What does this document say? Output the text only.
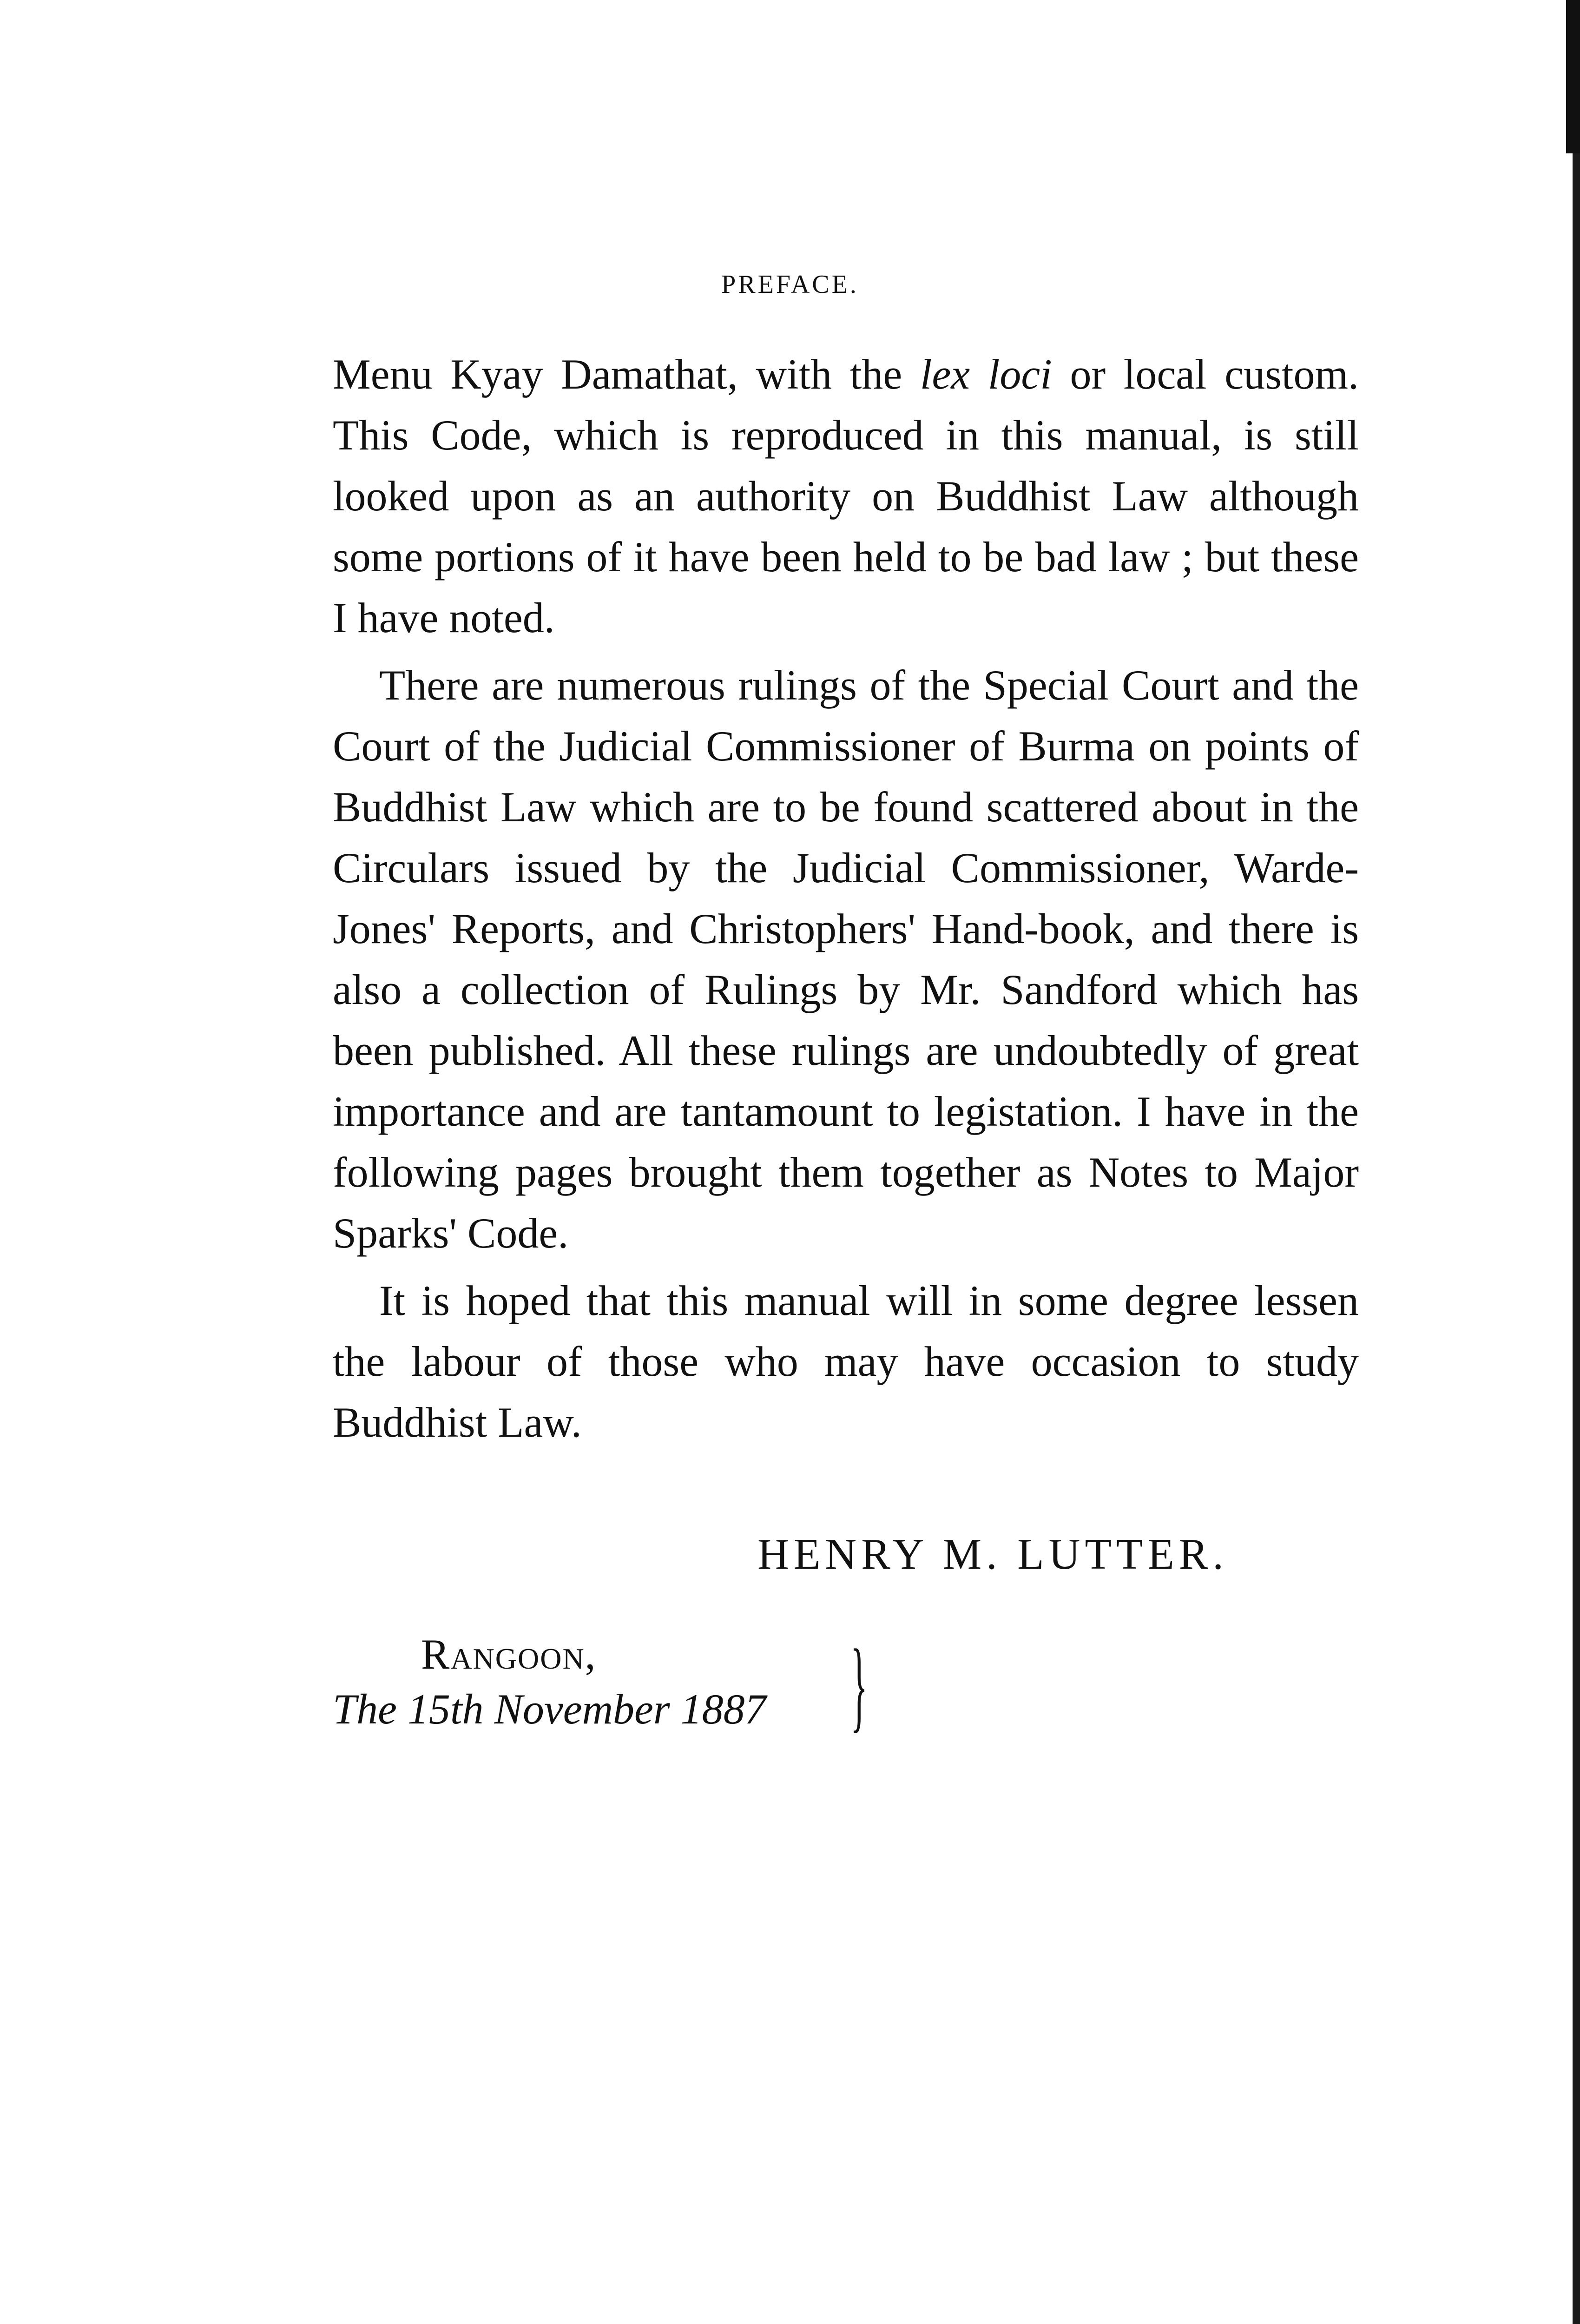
PREFACE.

Menu Kyay Damathat, with the lex loci or local custom. This Code, which is reproduced in this manual, is still looked upon as an authority on Buddhist Law although some portions of it have been held to be bad law ; but these I have noted.

There are numerous rulings of the Special Court and the Court of the Judicial Commissioner of Burma on points of Buddhist Law which are to be found scattered about in the Circulars issued by the Judicial Commissioner, Warde-Jones' Reports, and Christophers' Hand-book, and there is also a collection of Rulings by Mr. Sandford which has been published. All these rulings are undoubtedly of great importance and are tantamount to legistation. I have in the following pages brought them together as Notes to Major Sparks' Code.

It is hoped that this manual will in some degree lessen the labour of those who may have occasion to study Buddhist Law.

HENRY M. LUTTER.
Rangoon,
The 15th November 1887 }
